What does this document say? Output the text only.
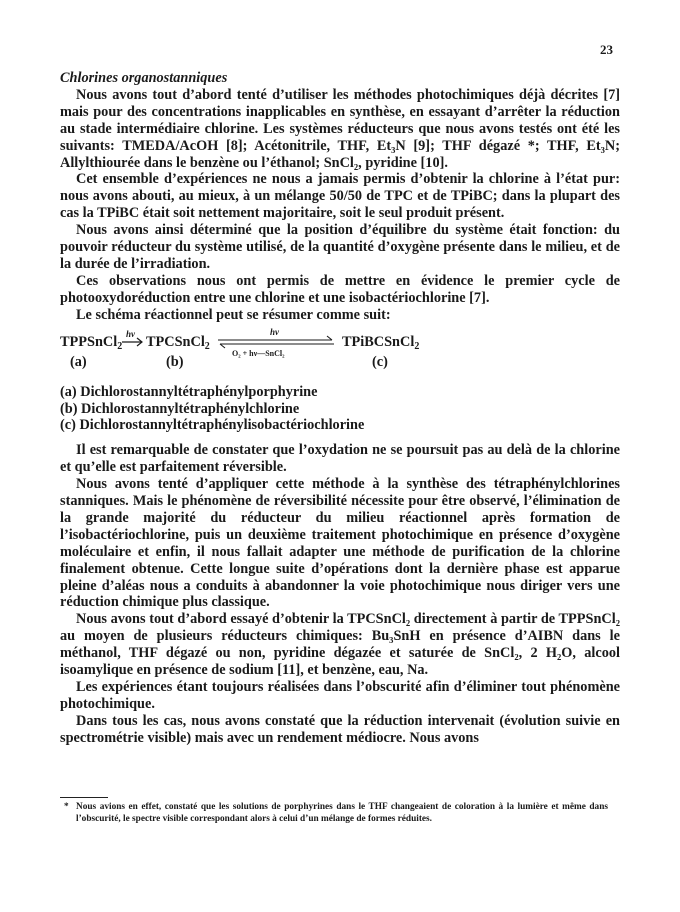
23
Chlorines organostanniques

Nous avons tout d’abord tenté d’utiliser les méthodes photochimiques déjà décrites [7] mais pour des concentrations inapplicables en synthèse, en essayant d’arrêter la réduction au stade intermédiaire chlorine. Les systèmes réducteurs que nous avons testés ont été les suivants: TMEDA/AcOH [8]; Acétonitrile, THF, Et₃N [9]; THF dégazé *; THF, Et₃N; Allylthiourée dans le benzène ou l’éthanol; SnCl₂, pyridine [10].

Cet ensemble d’expériences ne nous a jamais permis d’obtenir la chlorine à l’état pur: nous avons abouti, au mieux, à un mélange 50/50 de TPC et de TPiBC; dans la plupart des cas la TPiBC était soit nettement majoritaire, soit le seul produit présent.

Nous avons ainsi déterminé que la position d’équilibre du système était fonction: du pouvoir réducteur du système utilisé, de la quantité d’oxygène présente dans le milieu, et de la durée de l’irradiation.

Ces observations nous ont permis de mettre en évidence le premier cycle de photooxydoréduction entre une chlorine et une isobactériochlorine [7].

Le schéma réactionnel peut se résumer comme suit:

TPPSnCl$_2$
hν TPCSnCl$_2$
hν
O₂ + hν—SnCl₂
TPiBCSnCl$_2$
(a)	(b)	(c)
(a) Dichlorostannyltétraphénylporphyrine
(b) Dichlorostannyltétraphénylchlorine
(c) Dichlorostannyltétraphénylisobactériochlorine

Il est remarquable de constater que l’oxydation ne se poursuit pas au delà de la chlorine et qu’elle est parfaitement réversible.

Nous avons tenté d’appliquer cette méthode à la synthèse des tétraphénylchlorines stanniques. Mais le phénomène de réversibilité nécessite pour être observé, l’élimination de la grande majorité du réducteur du milieu réactionnel après formation de l’isobactériochlorine, puis un deuxième traitement photochimique en présence d’oxygène moléculaire et enfin, il nous fallait adapter une méthode de purification de la chlorine finalement obtenue. Cette longue suite d’opérations dont la dernière phase est apparue pleine d’aléas nous a conduits à abandonner la voie photochimique nous diriger vers une réduction chimique plus classique.

Nous avons tout d’abord essayé d’obtenir la TPCSnCl₂ directement à partir de TPPSnCl₂ au moyen de plusieurs réducteurs chimiques: Bu₃SnH en présence d’AIBN dans le méthanol, THF dégazé ou non, pyridine dégazée et saturée de SnCl₂, 2 H₂O, alcool isoamylique en présence de sodium [11], et benzène, eau, Na.

Les expériences étant toujours réalisées dans l’obscurité afin d’éliminer tout phénomène photochimique.

Dans tous les cas, nous avons constaté que la réduction intervenait (évolution suivie en spectrométrie visible) mais avec un rendement médiocre. Nous avons

* Nous avions en effet, constaté que les solutions de porphyrines dans le THF changeaient de coloration à la lumière et même dans l’obscurité, le spectre visible correspondant alors à celui d’un mélange de formes réduites.
